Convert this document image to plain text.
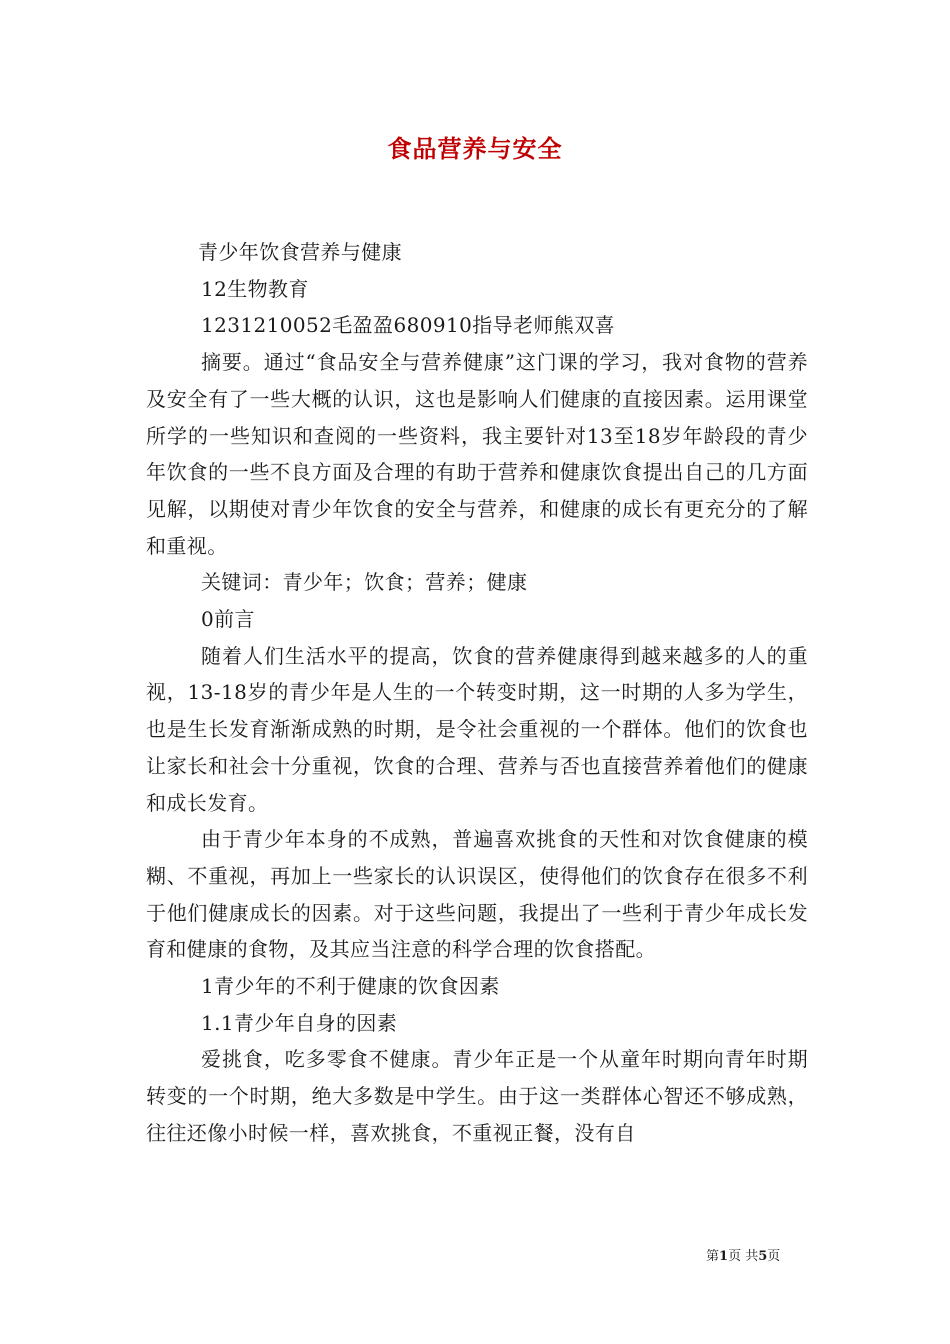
食品营养与安全

青少年饮食营养与健康

12生物教育

1231210052毛盈盈680910指导老师熊双喜

摘要。通过“食品安全与营养健康”这门课的学习，我对食物的营养及安全有了一些大概的认识，这也是影响人们健康的直接因素。运用课堂所学的一些知识和查阅的一些资料，我主要针对13至18岁年龄段的青少年饮食的一些不良方面及合理的有助于营养和健康饮食提出自己的几方面见解，以期使对青少年饮食的安全与营养，和健康的成长有更充分的了解和重视。

关键词：青少年；饮食；营养；健康

0前言

随着人们生活水平的提高，饮食的营养健康得到越来越多的人的重视，13-18岁的青少年是人生的一个转变时期，这一时期的人多为学生，也是生长发育渐渐成熟的时期，是令社会重视的一个群体。他们的饮食也让家长和社会十分重视，饮食的合理、营养与否也直接营养着他们的健康和成长发育。

由于青少年本身的不成熟，普遍喜欢挑食的天性和对饮食健康的模糊、不重视，再加上一些家长的认识误区，使得他们的饮食存在很多不利于他们健康成长的因素。对于这些问题，我提出了一些利于青少年成长发育和健康的食物，及其应当注意的科学合理的饮食搭配。

1青少年的不利于健康的饮食因素

1.1青少年自身的因素

爱挑食，吃多零食不健康。青少年正是一个从童年时期向青年时期转变的一个时期，绝大多数是中学生。由于这一类群体心智还不够成熟，往往还像小时候一样，喜欢挑食，不重视正餐，没有自

第1页 共5页
